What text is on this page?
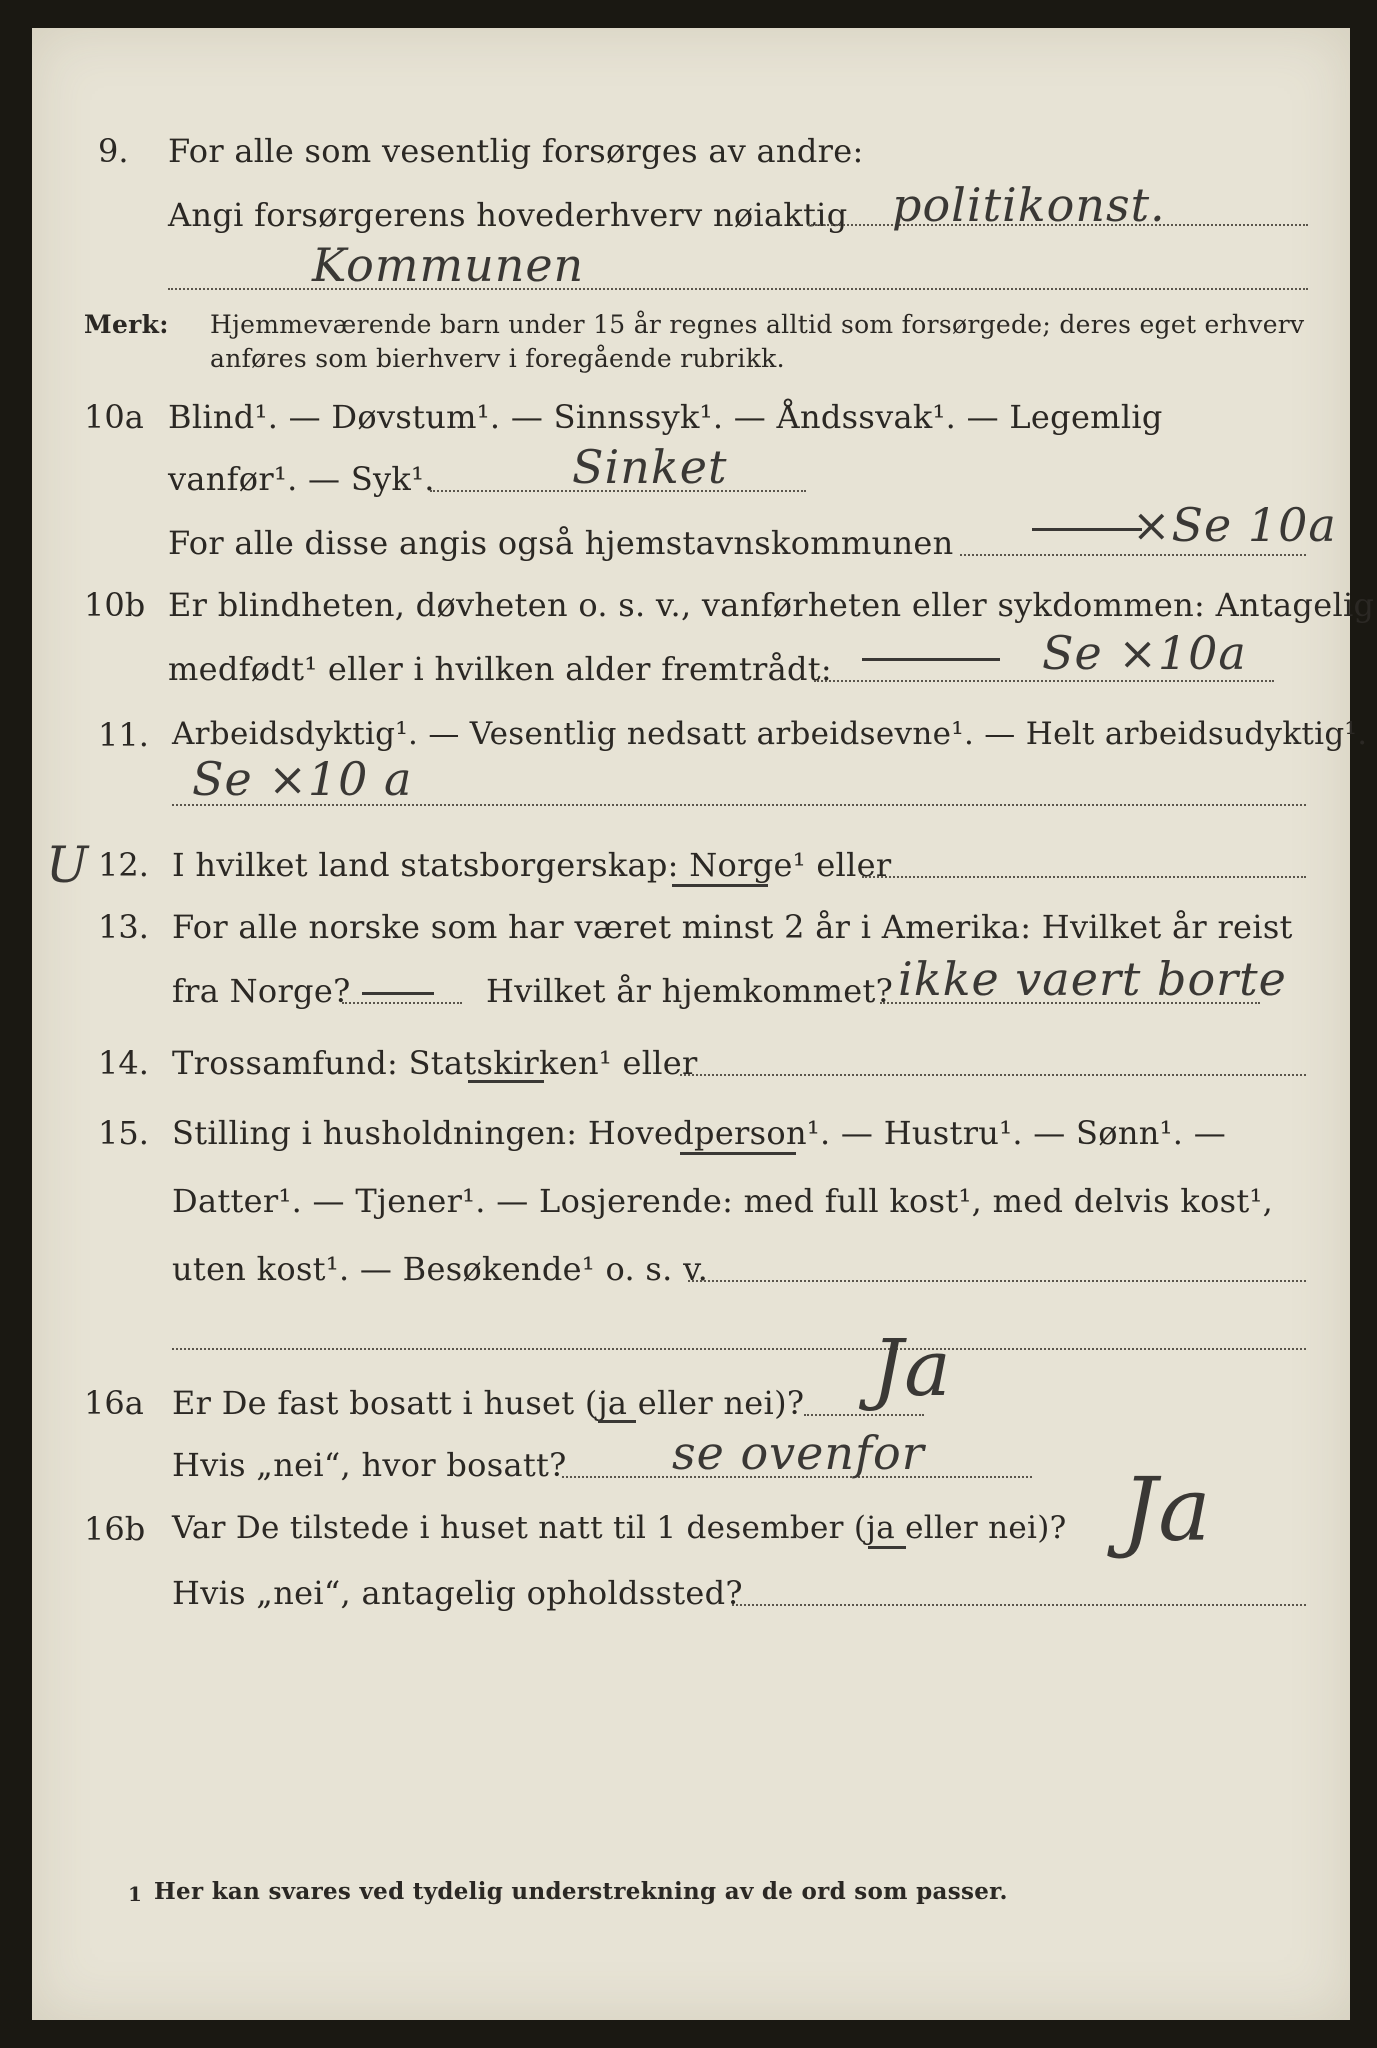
9. For alle som vesentlig forsørges av andre:
Angi forsørgerens hovederhverv nøiaktig politikonst.
Kommunen
Merk: Hjemmeværende barn under 15 år regnes alltid som forsørgede; deres eget erhverv
anføres som bierhverv i foregående rubrikk.
10a Blind¹. — Døvstum¹. — Sinnssyk¹. — Åndssvak¹. — Legemlig
vanfør¹. — Syk¹.	Sinket
For alle disse angis også hjemstavnskommunen	×Se 10a
10b Er blindheten, døvheten o. s. v., vanførheten eller sykdommen: Antagelig
medfødt¹ eller i hvilken alder fremtrådt:	Se ×10a
11. Arbeidsdyktig¹. — Vesentlig nedsatt arbeidsevne¹. — Helt arbeidsudyktig¹.
Se ×10 a
U 12. I hvilket land statsborgerskap: Norge¹ eller
13. For alle norske som har været minst 2 år i Amerika: Hvilket år reist
fra Norge?	Hvilket år hjemkommet? ikke vaert borte
14. Trossamfund: Statskirken¹ eller
15. Stilling i husholdningen: Hovedperson¹. — Hustru¹. — Sønn¹. —
Datter¹. — Tjener¹. — Losjerende: med full kost¹, med delvis kost¹,
uten kost¹. — Besøkende¹ o. s. v.
16a Er De fast bosatt i huset (ja eller nei)? Ja
Hvis „nei“, hvor bosatt? se ovenfor
16b Var De tilstede i huset natt til 1 desember (ja eller nei)? Ja
Hvis „nei“, antagelig opholdssted?
1 Her kan svares ved tydelig understrekning av de ord som passer.
